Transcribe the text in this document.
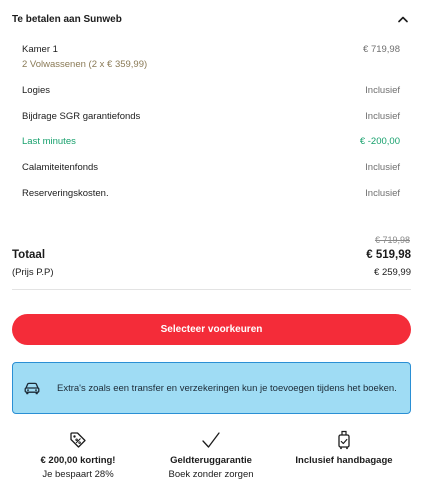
Te betalen aan Sunweb
Kamer 1	€ 719,98
2 Volwassenen (2 x € 359,99)
Logies	Inclusief
Bijdrage SGR garantiefonds	Inclusief
Last minutes	€ -200,00
Calamiteitenfonds	Inclusief
Reserveringskosten.	Inclusief
€ 719,98
Totaal	€ 519,98
(Prijs P.P)	€ 259,99
Selecteer voorkeuren
Extra's zoals een transfer en verzekeringen kun je toevoegen tijdens het boeken.
€ 200,00 korting!
Je bespaart 28%
Geldteruggarantie
Boek zonder zorgen
Inclusief handbagage
